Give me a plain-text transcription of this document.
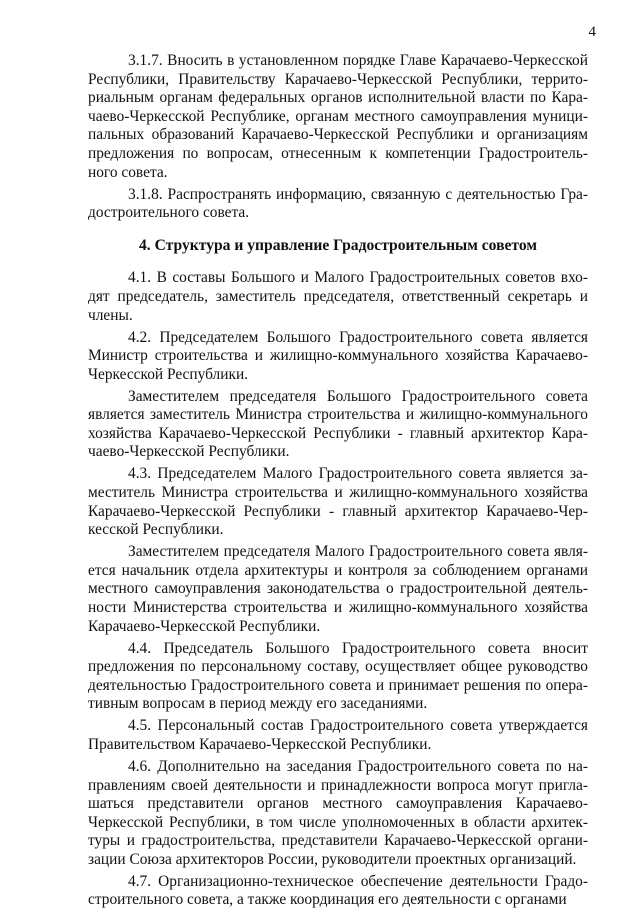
4
3.1.7. Вносить в установленном порядке Главе Карачаево-Черкесской
Республики, Правительству Карачаево-Черкесской Республики, террито-
риальным органам федеральных органов исполнительной власти по Кара-
чаево-Черкесской Республике, органам местного самоуправления муници-
пальных образований Карачаево-Черкесской Республики и организациям
предложения по вопросам, отнесенным к компетенции Градостроитель-
ного совета.
3.1.8. Распространять информацию, связанную с деятельностью Гра-
достроительного совета.
4. Структура и управление Градостроительным советом
4.1. В составы Большого и Малого Градостроительных советов вхо-
дят председатель, заместитель председателя, ответственный секретарь и
члены.
4.2. Председателем Большого Градостроительного совета является
Министр строительства и жилищно-коммунального хозяйства Карачаево-
Черкесской Республики.
Заместителем председателя Большого Градостроительного совета
является заместитель Министра строительства и жилищно-коммунального
хозяйства Карачаево-Черкесской Республики - главный архитектор Кара-
чаево-Черкесской Республики.
4.3. Председателем Малого Градостроительного совета является за-
меститель Министра строительства и жилищно-коммунального хозяйства
Карачаево-Черкесской Республики - главный архитектор Карачаево-Чер-
кесской Республики.
Заместителем председателя Малого Градостроительного совета явля-
ется начальник отдела архитектуры и контроля за соблюдением органами
местного самоуправления законодательства о градостроительной деятель-
ности Министерства строительства и жилищно-коммунального хозяйства
Карачаево-Черкесской Республики.
4.4. Председатель Большого Градостроительного совета вносит
предложения по персональному составу, осуществляет общее руководство
деятельностью Градостроительного совета и принимает решения по опера-
тивным вопросам в период между его заседаниями.
4.5. Персональный состав Градостроительного совета утверждается
Правительством Карачаево-Черкесской Республики.
4.6. Дополнительно на заседания Градостроительного совета по на-
правлениям своей деятельности и принадлежности вопроса могут пригла-
шаться представители органов местного самоуправления Карачаево-
Черкесской Республики, в том числе уполномоченных в области архитек-
туры и градостроительства, представители Карачаево-Черкесской органи-
зации Союза архитекторов России, руководители проектных организаций.
4.7. Организационно-техническое обеспечение деятельности Градо-
строительного совета, а также координация его деятельности с органами
